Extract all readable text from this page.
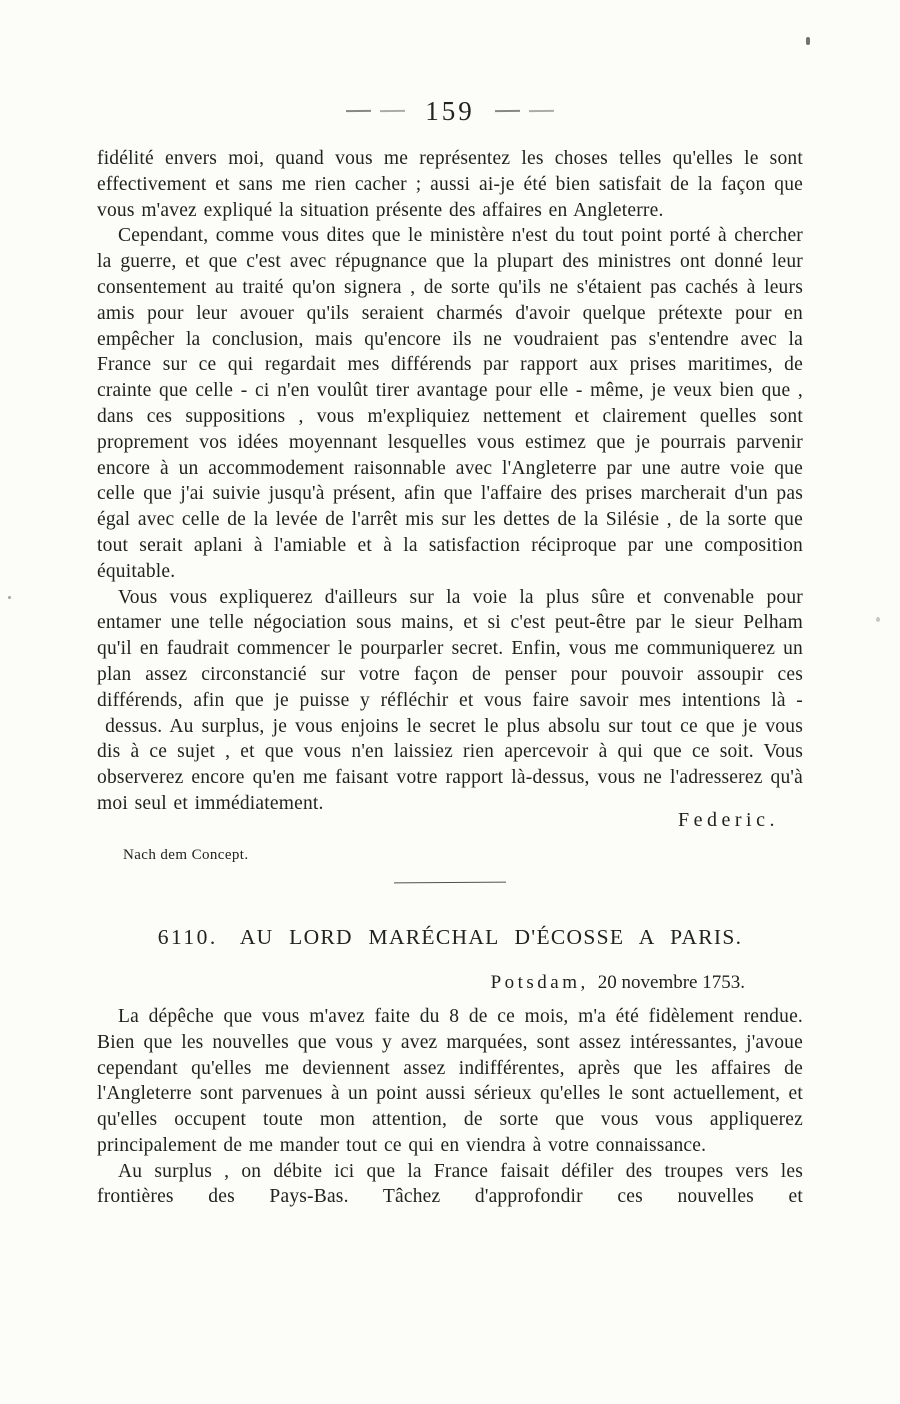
159

fidélité envers moi, quand vous me représentez les choses telles qu'elles le sont effectivement et sans me rien cacher ; aussi ai-je été bien satisfait de la façon que vous m'avez expliqué la situation présente des affaires en Angleterre.

Cependant, comme vous dites que le ministère n'est du tout point porté à chercher la guerre, et que c'est avec répugnance que la plupart des ministres ont donné leur consentement au traité qu'on signera , de sorte qu'ils ne s'étaient pas cachés à leurs amis pour leur avouer qu'ils seraient charmés d'avoir quelque prétexte pour en empêcher la conclusion, mais qu'encore ils ne voudraient pas s'entendre avec la France sur ce qui regardait mes différends par rapport aux prises maritimes, de crainte que celle - ci n'en voulût tirer avantage pour elle - même, je veux bien que , dans ces suppositions , vous m'expliquiez nettement et clairement quelles sont proprement vos idées moyennant lesquelles vous estimez que je pourrais parvenir encore à un accommodement raisonnable avec l'Angleterre par une autre voie que celle que j'ai suivie jusqu'à présent, afin que l'affaire des prises marcherait d'un pas égal avec celle de la levée de l'arrêt mis sur les dettes de la Silésie , de la sorte que tout serait aplani à l'amiable et à la satisfaction réciproque par une composition équitable.

Vous vous expliquerez d'ailleurs sur la voie la plus sûre et convenable pour entamer une telle négociation sous mains, et si c'est peut-être par le sieur Pelham qu'il en faudrait commencer le pourparler secret. Enfin, vous me communiquerez un plan assez circonstancié sur votre façon de penser pour pouvoir assoupir ces différends, afin que je puisse y réfléchir et vous faire savoir mes intentions là - dessus. Au surplus, je vous enjoins le secret le plus absolu sur tout ce que je vous dis à ce sujet , et que vous n'en laissiez rien apercevoir à qui que ce soit. Vous observerez encore qu'en me faisant votre rapport là-dessus, vous ne l'adresserez qu'à moi seul et immédiatement.

Federic.
Nach dem Concept.
6110. AU LORD MARÉCHAL D'ÉCOSSE A PARIS.
Potsdam, 20 novembre 1753.

La dépêche que vous m'avez faite du 8 de ce mois, m'a été fidèlement rendue. Bien que les nouvelles que vous y avez marquées, sont assez intéressantes, j'avoue cependant qu'elles me deviennent assez indifférentes, après que les affaires de l'Angleterre sont parvenues à un point aussi sérieux qu'elles le sont actuellement, et qu'elles occupent toute mon attention, de sorte que vous vous appliquerez principalement de me mander tout ce qui en viendra à votre connaissance.

Au surplus , on débite ici que la France faisait défiler des troupes vers les frontières des Pays-Bas. Tâchez d'approfondir ces nouvelles et
